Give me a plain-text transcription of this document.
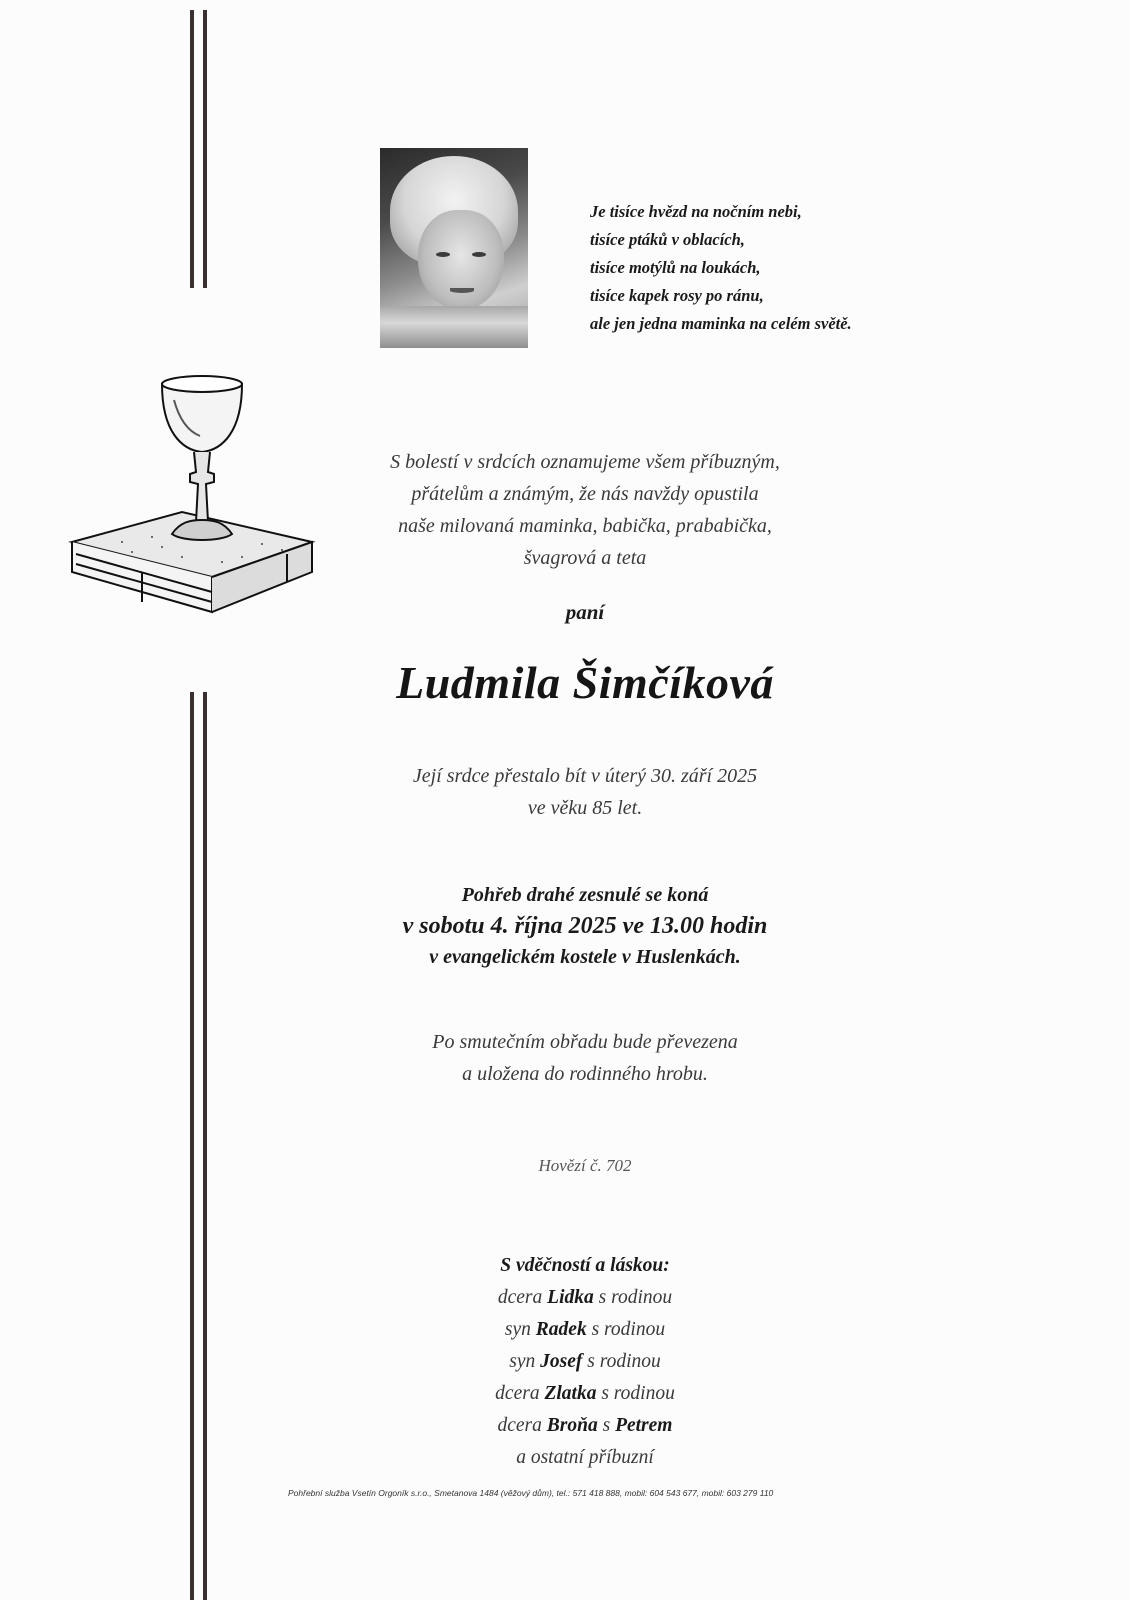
Je tisíce hvězd na nočním nebi,
tisíce ptáků v oblacích,
tisíce motýlů na loukách,
tisíce kapek rosy po ránu,
ale jen jedna maminka na celém světě.
S bolestí v srdcích oznamujeme všem příbuzným,
přátelům a známým, že nás navždy opustila
naše milovaná maminka, babička, prababička,
švagrová a teta
paní
Ludmila Šimčíková
Její srdce přestalo bít v úterý 30. září 2025
ve věku 85 let.
Pohřeb drahé zesnulé se koná
v sobotu 4. října 2025 ve 13.00 hodin
v evangelickém kostele v Huslenkách.
Po smutečním obřadu bude převezena
a uložena do rodinného hrobu.
Hovězí č. 702
S vděčností a láskou:
dcera Lidka s rodinou
syn Radek s rodinou
syn Josef s rodinou
dcera Zlatka s rodinou
dcera Broňa s Petrem
a ostatní příbuzní
Pohřební služba Vsetín Orgoník s.r.o., Smetanova 1484 (věžový dům), tel.: 571 418 888, mobil: 604 543 677, mobil: 603 279 110
